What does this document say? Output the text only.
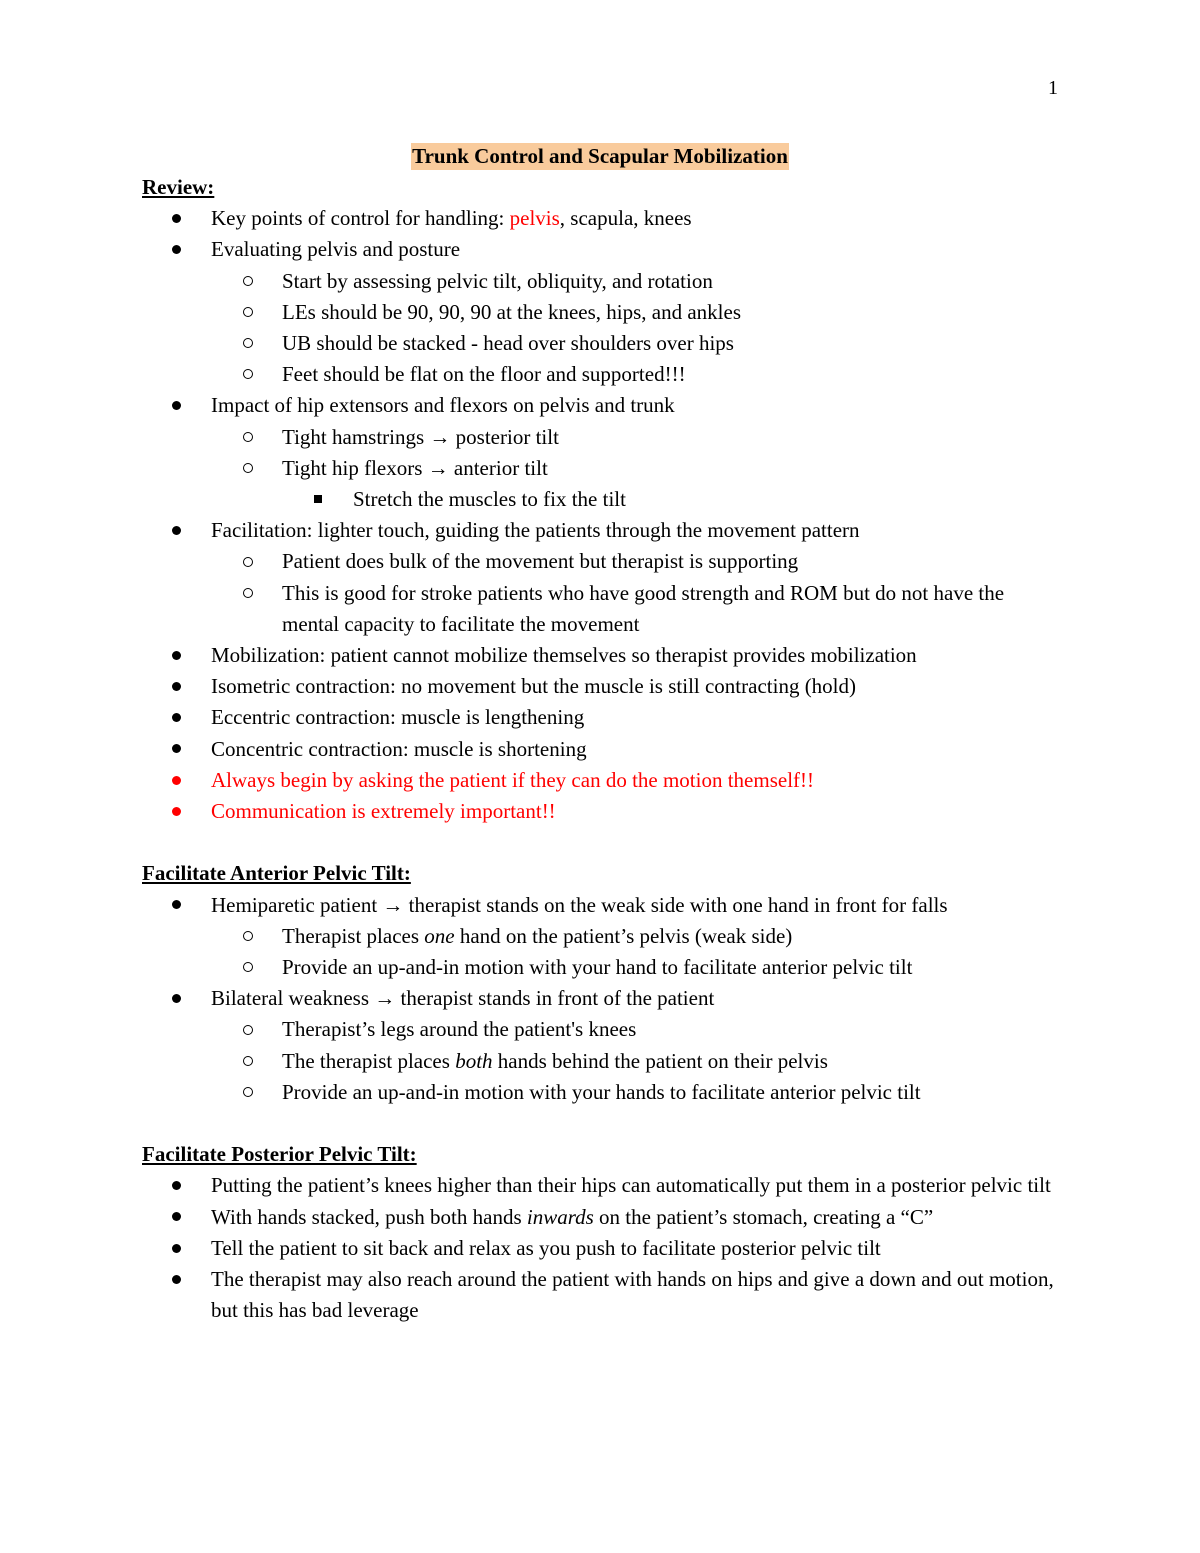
1
Trunk Control and Scapular Mobilization

Review:

Key points of control for handling: pelvis, scapula, knees
Evaluating pelvis and posture
Start by assessing pelvic tilt, obliquity, and rotation
LEs should be 90, 90, 90 at the knees, hips, and ankles
UB should be stacked - head over shoulders over hips
Feet should be flat on the floor and supported!!!
Impact of hip extensors and flexors on pelvis and trunk
Tight hamstrings → posterior tilt
Tight hip flexors → anterior tilt
Stretch the muscles to fix the tilt
Facilitation: lighter touch, guiding the patients through the movement pattern
Patient does bulk of the movement but therapist is supporting
This is good for stroke patients who have good strength and ROM but do not have the mental capacity to facilitate the movement
Mobilization: patient cannot mobilize themselves so therapist provides mobilization
Isometric contraction: no movement but the muscle is still contracting (hold)
Eccentric contraction: muscle is lengthening
Concentric contraction: muscle is shortening
Always begin by asking the patient if they can do the motion themself!!
Communication is extremely important!!

Facilitate Anterior Pelvic Tilt:

Hemiparetic patient → therapist stands on the weak side with one hand in front for falls
Therapist places one hand on the patient’s pelvis (weak side)
Provide an up-and-in motion with your hand to facilitate anterior pelvic tilt
Bilateral weakness → therapist stands in front of the patient
Therapist’s legs around the patient's knees
The therapist places both hands behind the patient on their pelvis
Provide an up-and-in motion with your hands to facilitate anterior pelvic tilt

Facilitate Posterior Pelvic Tilt:

Putting the patient’s knees higher than their hips can automatically put them in a posterior pelvic tilt
With hands stacked, push both hands inwards on the patient’s stomach, creating a “C”
Tell the patient to sit back and relax as you push to facilitate posterior pelvic tilt
The therapist may also reach around the patient with hands on hips and give a down and out motion, but this has bad leverage
